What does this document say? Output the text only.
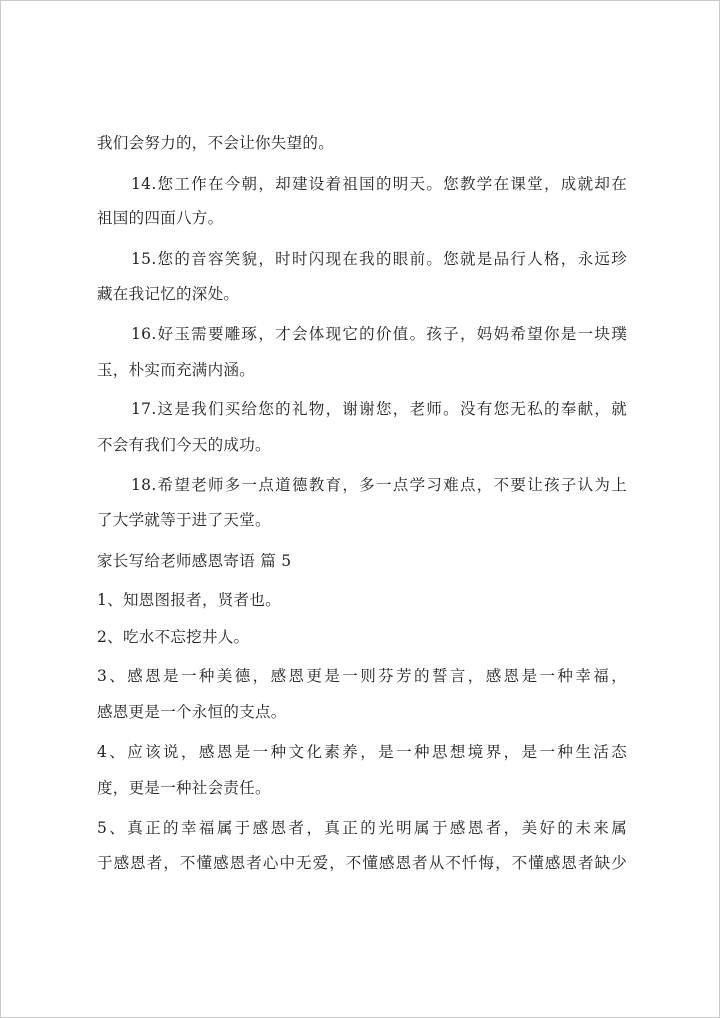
我们会努力的，不会让你失望的。
14.您工作在今朝，却建设着祖国的明天。您教学在课堂，成就却在
祖国的四面八方。
15.您的音容笑貌，时时闪现在我的眼前。您就是品行人格，永远珍
藏在我记忆的深处。
16.好玉需要雕琢，才会体现它的价值。孩子，妈妈希望你是一块璞
玉，朴实而充满内涵。
17.这是我们买给您的礼物，谢谢您，老师。没有您无私的奉献，就
不会有我们今天的成功。
18.希望老师多一点道德教育，多一点学习难点，不要让孩子认为上
了大学就等于进了天堂。
家长写给老师感恩寄语 篇 5
1、知恩图报者，贤者也。
2、吃水不忘挖井人。
3、感恩是一种美德，感恩更是一则芬芳的誓言，感恩是一种幸福，
感恩更是一个永恒的支点。
4、应该说，感恩是一种文化素养，是一种思想境界，是一种生活态
度，更是一种社会责任。
5、真正的幸福属于感恩者，真正的光明属于感恩者，美好的未来属
于感恩者，不懂感恩者心中无爱，不懂感恩者从不忏悔，不懂感恩者缺少
